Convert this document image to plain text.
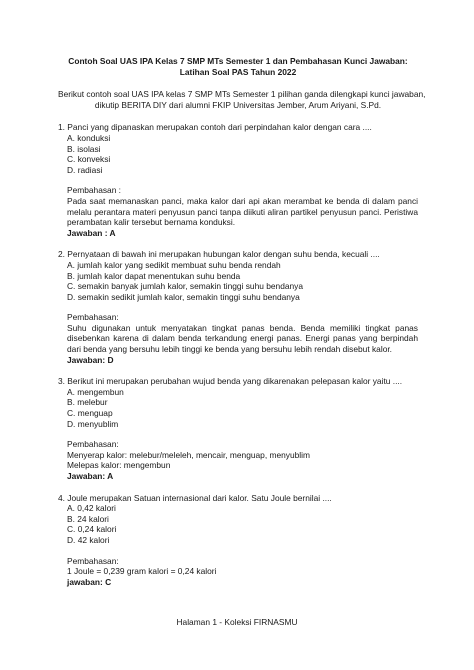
Contoh Soal UAS IPA Kelas 7 SMP MTs Semester 1 dan Pembahasan Kunci Jawaban:
Latihan Soal PAS Tahun 2022
Berikut contoh soal UAS IPA kelas 7 SMP MTs Semester 1 pilihan ganda dilengkapi kunci jawaban,
dikutip BERITA DIY dari alumni FKIP Universitas Jember, Arum Ariyani, S.Pd.
1. Panci yang dipanaskan merupakan contoh dari perpindahan kalor dengan cara ....
A. konduksi
B. isolasi
C. konveksi
D. radiasi
Pembahasan :
Pada saat memanaskan panci, maka kalor dari api akan merambat ke benda di dalam panci melalu perantara materi penyusun panci tanpa diikuti aliran partikel penyusun panci. Peristiwa perambatan kalir tersebut bernama konduksi.
Jawaban : A
2. Pernyataan di bawah ini merupakan hubungan kalor dengan suhu benda, kecuali ....
A. jumlah kalor yang sedikit membuat suhu benda rendah
B. jumlah kalor dapat menentukan suhu benda
C. semakin banyak jumlah kalor, semakin tinggi suhu bendanya
D. semakin sedikit jumlah kalor, semakin tinggi suhu bendanya
Pembahasan:
Suhu digunakan untuk menyatakan tingkat panas benda. Benda memiliki tingkat panas disebenkan karena di dalam benda terkandung energi panas. Energi panas yang berpindah dari benda yang bersuhu lebih tinggi ke benda yang bersuhu lebih rendah disebut kalor.
Jawaban: D
3. Berikut ini merupakan perubahan wujud benda yang dikarenakan pelepasan kalor yaitu ....
A. mengembun
B. melebur
C. menguap
D. menyublim
Pembahasan:
Menyerap kalor: melebur/meleleh, mencair, menguap, menyublim
Melepas kalor: mengembun
Jawaban: A
4. Joule merupakan Satuan internasional dari kalor. Satu Joule bernilai ....
A. 0,42 kalori
B. 24 kalori
C. 0,24 kalori
D. 42 kalori
Pembahasan:
1 Joule = 0,239 gram kalori = 0,24 kalori
jawaban: C
Halaman 1 - Koleksi FIRNASMU
